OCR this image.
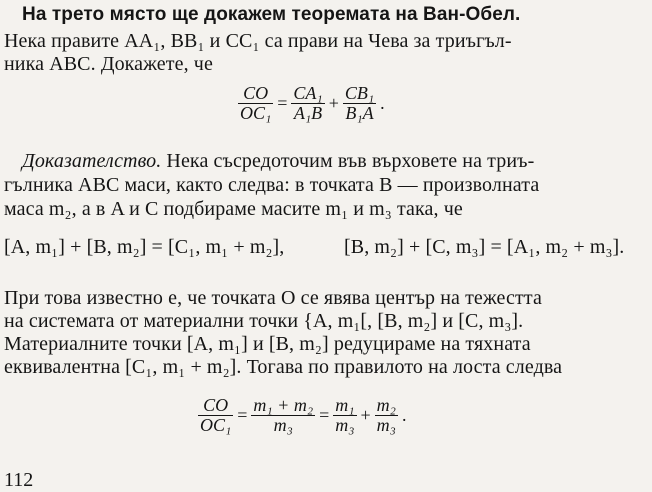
На трето място ще докажем теоремата на Ван-Обел.
Нека правите AA₁, BB₁ и CC₁ са прави на Чева за триъгъл-
ника ABC. Докажете, че
$\frac{CO}{\text{OC₁}} = \frac{\text{CA₁}}{\text{A₁B}} + \frac{\text{CB₁}}{\text{B₁A}}$ .
Доказателство. Нека съсредоточим във върховете на триъ-
гълника ABC маси, както следва: в точката B — произволната
маса m₂, а в A и C подбираме масите m₁ и m₃ така, че
[A, m₁] + [B, m₂] = [C₁, m₁ + m₂],	[B, m₂] + [C, m₃] = [A₁, m₂ + m₃].
При това известно е, че точката O се явява център на тежестта
на системата от материални точки {A, m₁[, [B, m₂] и [C, m₃].
Материалните точки [A, m₁] и [B, m₂] редуцираме на тяхната
еквивалентна [C₁, m₁ + m₂]. Тогава по правилото на лоста следва
$\frac{CO}{\text{OC₁}} = \frac{\text{m₁ + m₂}}{\text{m₃}} = \frac{\text{m₁}}{\text{m₃}} + \frac{\text{m₂}}{\text{m₃}}$ .
112
